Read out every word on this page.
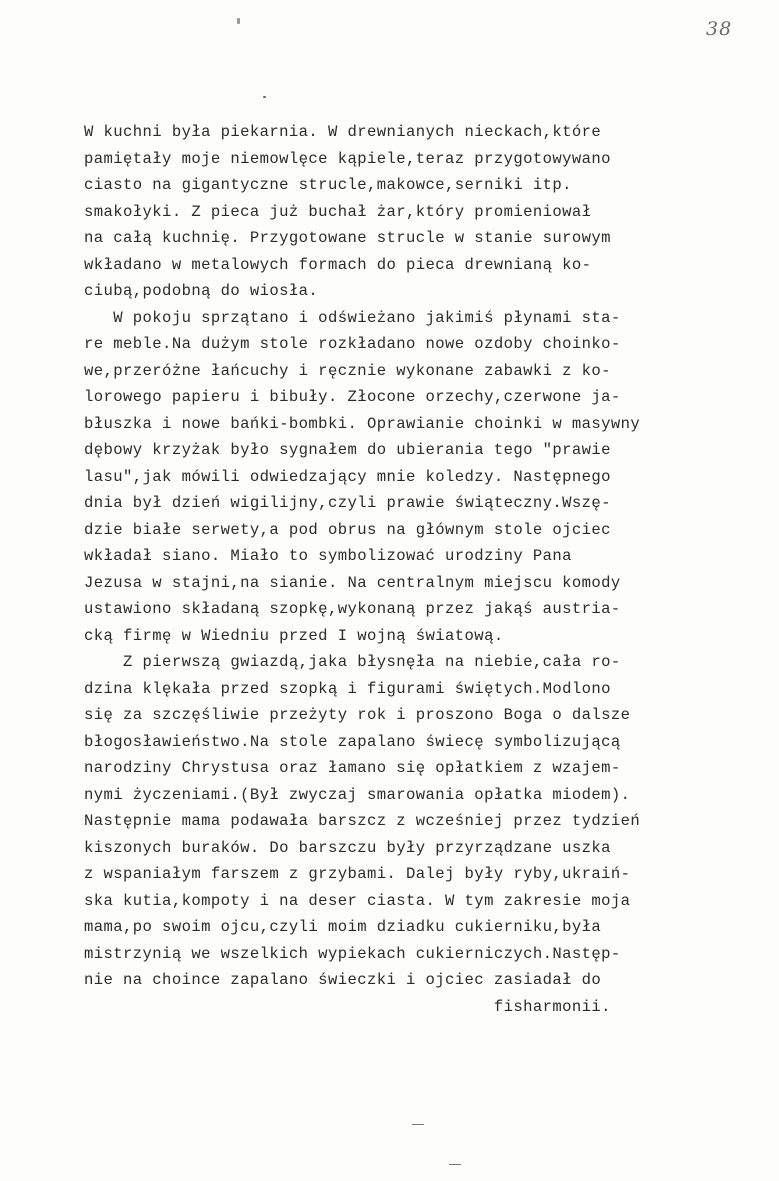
38
W kuchni była piekarnia. W drewnianych nieckach,które
pamiętały moje niemowlęce kąpiele,teraz przygotowywano
ciasto na gigantyczne strucle,makowce,serniki itp.
smakołyki. Z pieca już buchał żar,który promieniował
na całą kuchnię. Przygotowane strucle w stanie surowym
wkładano w metalowych formach do pieca drewnianą ko-
ciubą,podobną do wiosła.
W pokoju sprzątano i odświeżano jakimiś płynami sta-
re meble.Na dużym stole rozkładano nowe ozdoby choinko-
we,przeróżne łańcuchy i ręcznie wykonane zabawki z ko-
lorowego papieru i bibuły. Złocone orzechy,czerwone ja-
błuszka i nowe bańki-bombki. Oprawianie choinki w masywny
dębowy krzyżak było sygnałem do ubierania tego "prawie
lasu",jak mówili odwiedzający mnie koledzy. Następnego
dnia był dzień wigilijny,czyli prawie świąteczny.Wszę-
dzie białe serwety,a pod obrus na głównym stole ojciec
wkładał siano. Miało to symbolizować urodziny Pana
Jezusa w stajni,na sianie. Na centralnym miejscu komody
ustawiono składaną szopkę,wykonaną przez jakąś austria-
cką firmę w Wiedniu przed I wojną światową.
Z pierwszą gwiazdą,jaka błysnęła na niebie,cała ro-
dzina klękała przed szopką i figurami świętych.Modlono
się za szczęśliwie przeżyty rok i proszono Boga o dalsze
błogosławieństwo.Na stole zapalano świecę symbolizującą
narodziny Chrystusa oraz łamano się opłatkiem z wzajem-
nymi życzeniami.(Był zwyczaj smarowania opłatka miodem).
Następnie mama podawała barszcz z wcześniej przez tydzień
kiszonych buraków. Do barszczu były przyrządzane uszka
z wspaniałym farszem z grzybami. Dalej były ryby,ukraiń-
ska kutia,kompoty i na deser ciasta. W tym zakresie moja
mama,po swoim ojcu,czyli moim dziadku cukierniku,była
mistrzynią we wszelkich wypiekach cukierniczych.Następ-
nie na choince zapalano świeczki i ojciec zasiadał do
fisharmonii.
